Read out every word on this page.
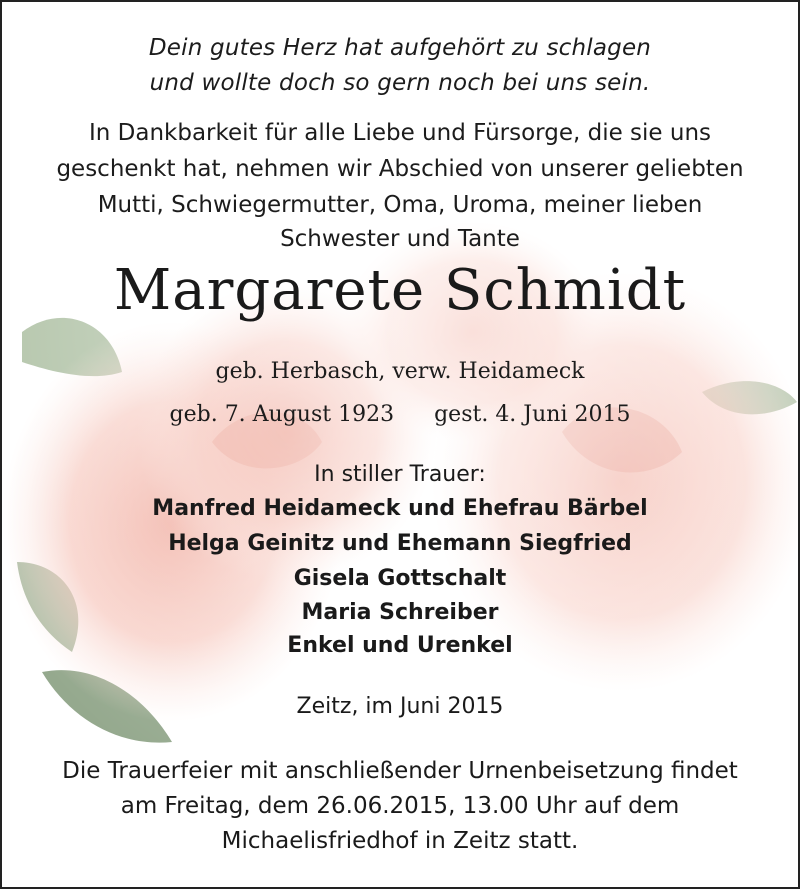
Dein gutes Herz hat aufgehört zu schlagen
und wollte doch so gern noch bei uns sein.
In Dankbarkeit für alle Liebe und Fürsorge, die sie uns
geschenkt hat, nehmen wir Abschied von unserer geliebten
Mutti, Schwiegermutter, Oma, Uroma, meiner lieben
Schwester und Tante
Margarete Schmidt
geb. Herbasch, verw. Heidameck
geb. 7. August 1923 gest. 4. Juni 2015
In stiller Trauer:
Manfred Heidameck und Ehefrau Bärbel
Helga Geinitz und Ehemann Siegfried
Gisela Gottschalt
Maria Schreiber
Enkel und Urenkel
Zeitz, im Juni 2015
Die Trauerfeier mit anschließender Urnenbeisetzung findet
am Freitag, dem 26.06.2015, 13.00 Uhr auf dem
Michaelisfriedhof in Zeitz statt.
